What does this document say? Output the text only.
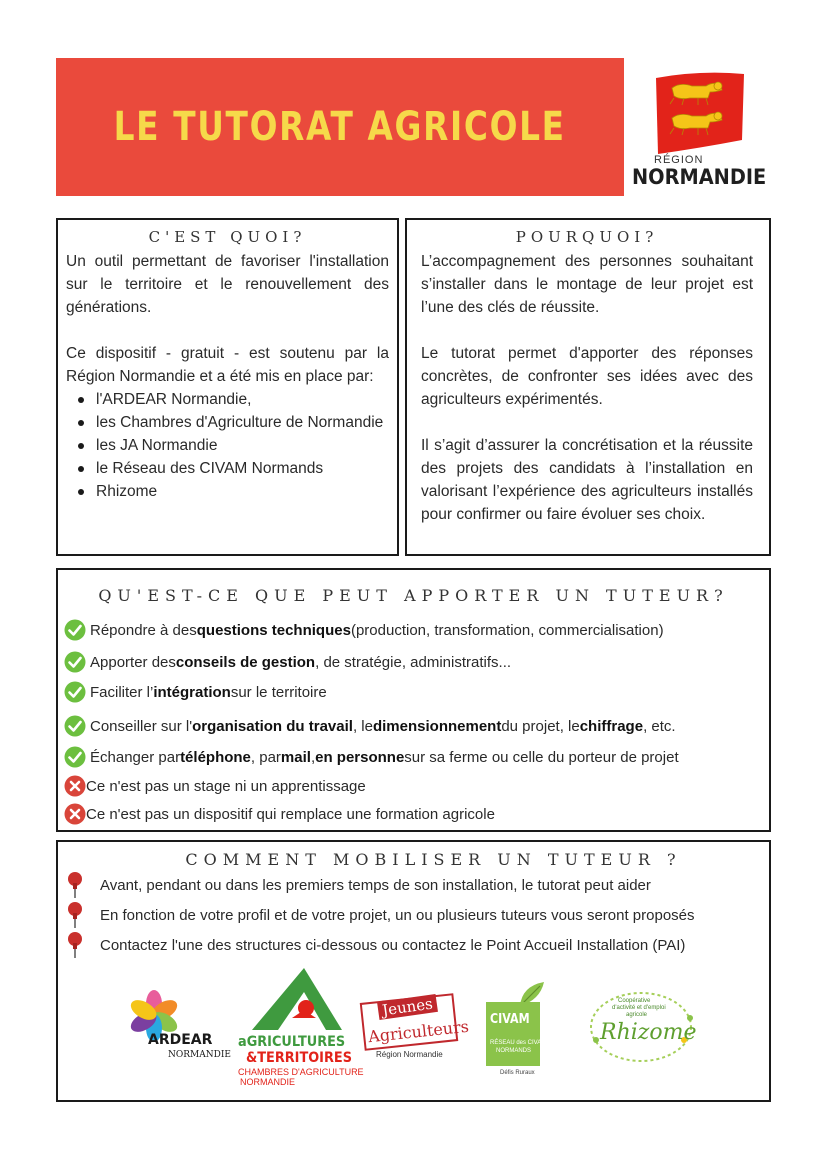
LE TUTORAT AGRICOLE
RÉGION
NORMANDIE
C'EST QUOI?

Un outil permettant de favoriser l'installation sur le territoire et le renouvellement des générations.

Ce dispositif - gratuit - est soutenu par la Région Normandie et a été mis en place par:

l'ARDEAR Normandie,
les Chambres d'Agriculture de Normandie
les JA Normandie
le Réseau des CIVAM Normands
Rhizome
POURQUOI?

L’accompagnement des personnes souhaitant s’installer dans le montage de leur projet est l’une des clés de réussite.

Le tutorat permet d'apporter des réponses concrètes, de confronter ses idées avec des agriculteurs expérimentés.

Il s’agit d’assurer la concrétisation et la réussite des projets des candidats à l’installation en valorisant l’expérience des agriculteurs installés pour confirmer ou faire évoluer ses choix.

QU'EST-CE QUE PEUT APPORTER UN TUTEUR?
Répondre à des questions techniques (production, transformation, commercialisation)
Apporter des conseils de gestion , de stratégie, administratifs...
Faciliter l’ intégration sur le territoire
Conseiller sur l' organisation du travail , le dimensionnement du projet, le chiffrage , etc.
Échanger par téléphone , par mail , en personne sur sa ferme ou celle du porteur de projet
Ce n'est pas un stage ni un apprentissage
Ce n'est pas un dispositif qui remplace une formation agricole
COMMENT MOBILISER UN TUTEUR ?
Avant, pendant ou dans les premiers temps de son installation, le tutorat peut aider
En fonction de votre profil et de votre projet, un ou plusieurs tuteurs vous seront proposés
Contactez l'une des structures ci-dessous ou contactez le Point Accueil Installation (PAI)
ARDEAR
NORMANDIE
aGRICULTURES
&TERRITOIRES
CHAMBRES D'AGRICULTURE
NORMANDIE
Jeunes
Agriculteurs
Région Normandie
CIVAM
RÉSEAU des CIVAM
NORMANDS
Défis Ruraux
Coopérative
d'activité et d'emploi
agricole
Rhizome
